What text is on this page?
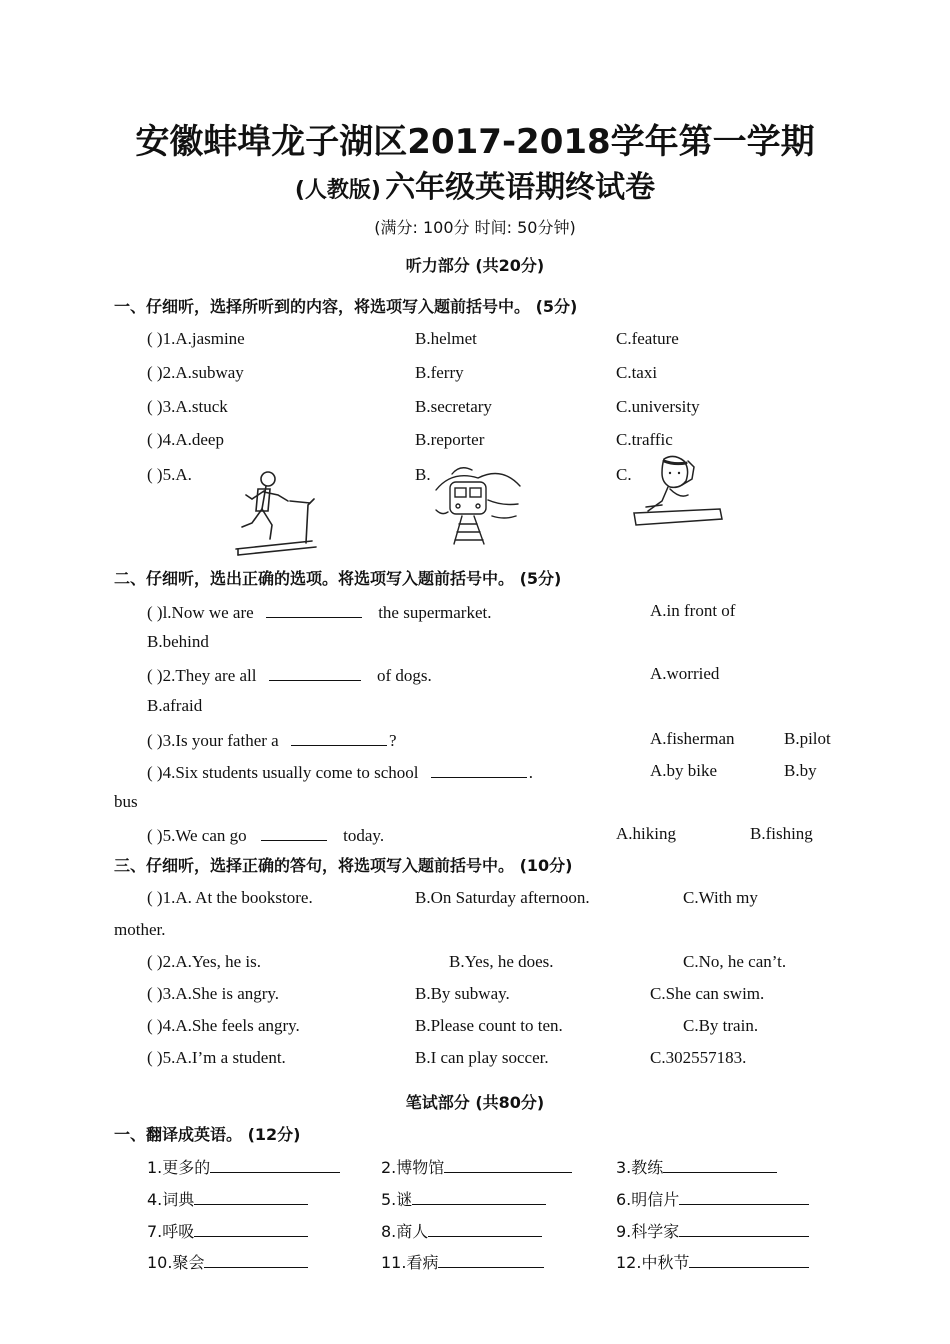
安徽蚌埠龙子湖区2017-2018学年第一学期
(人教版) 六年级英语期终试卷
(满分: 100分 时间: 50分钟)
听力部分 (共20分)
一、仔细听，选择所听到的内容，将选项写入题前括号中。 (5分)
( )1.A.jasmine	B.helmet	C.feature
( )2.A.subway	B.ferry	C.taxi
( )3.A.stuck	B.secretary	C.university
( )4.A.deep	B.reporter	C.traffic
( )5.A.	B.	C.
二、仔细听，选出正确的选项。将选项写入题前括号中。 (5分)
( )l.Now we are	the supermarket.	A.in front of
B.behind
( )2.They are all	of dogs.	A.worried
B.afraid
( )3.Is your father a	?	A.fisherman	B.pilot
( )4.Six students usually come to school	.	A.by bike	B.by
bus
( )5.We can go	today.	A.hiking	B.fishing
三、仔细听，选择正确的答句，将选项写入题前括号中。 (10分)
( )1.A. At the bookstore.	B.On Saturday afternoon.	C.With my
mother.
( )2.A.Yes, he is.	B.Yes, he does.	C.No, he can’t.
( )3.A.She is angry.	B.By subway.	C.She can swim.
( )4.A.She feels angry.	B.Please count to ten.	C.By train.
( )5.A.I’m a student.	B.I can play soccer.	C.302557183.
笔试部分 (共80分)
一、翻译成英语。 (12分)
1.更多的	2.博物馆	3.教练
4.词典	5.谜	6.明信片
7.呼吸	8.商人	9.科学家
10.聚会	11.看病	12.中秋节
